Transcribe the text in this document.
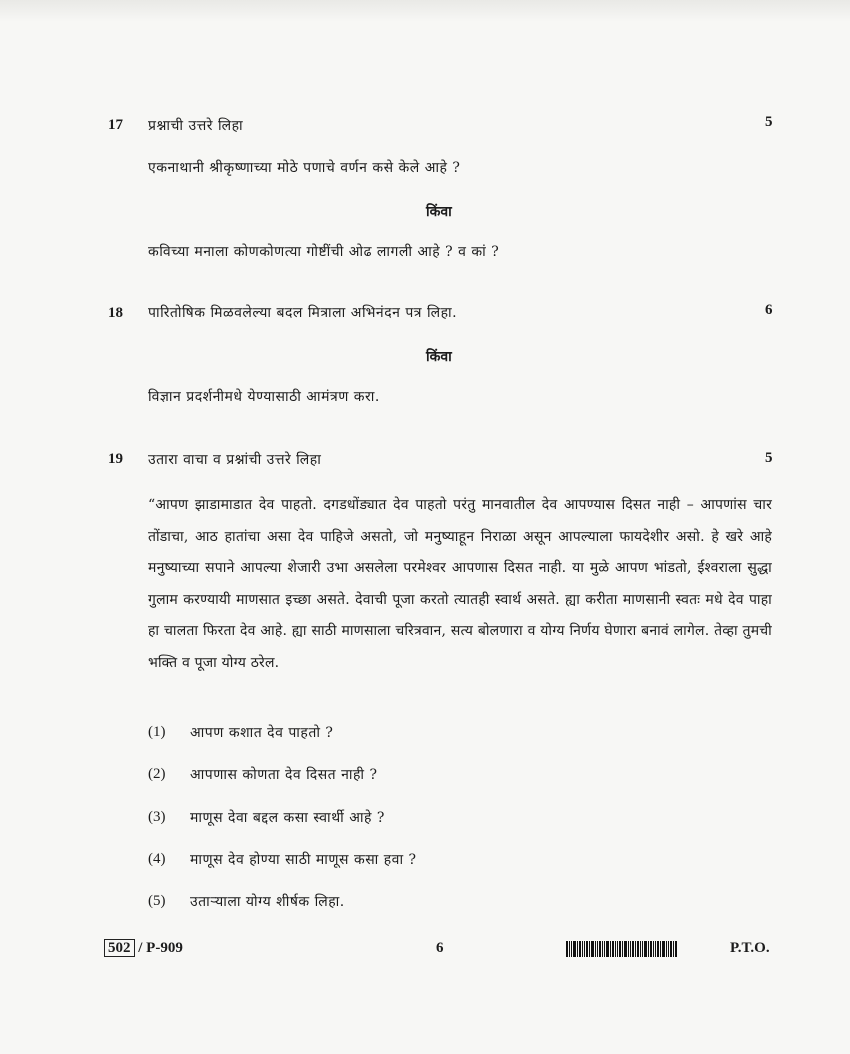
17 प्रश्नाची उत्तरे लिहा	5
एकनाथानी श्रीकृष्णाच्या मोठे पणाचे वर्णन कसे केले आहे ?
किंवा
कविच्या मनाला कोणकोणत्या गोष्टींची ओढ लागली आहे ? व कां ?
18 पारितोषिक मिळवलेल्या बदल मित्राला अभिनंदन पत्र लिहा.	6
किंवा
विज्ञान प्रदर्शनीमधे येण्यासाठी आमंत्रण करा.
19 उतारा वाचा व प्रश्नांची उत्तरे लिहा	5
“आपण झाडामाडात देव पाहतो. दगडधोंड्यात देव पाहतो परंतु मानवातील देव आपण्यास दिसत नाही – आपणांस चार तोंडाचा, आठ हातांचा असा देव पाहिजे असतो, जो मनुष्याहून निराळा असून आपल्याला फायदेशीर असो. हे खरे आहे मनुष्याच्या सपाने आपल्या शेजारी उभा असलेला परमेश्वर आपणास दिसत नाही. या मुळे आपण भांडतो, ईश्वराला सुद्धा गुलाम करण्यायी माणसात इच्छा असते. देवाची पूजा करतो त्यातही स्वार्थ असते. ह्या करीता माणसानी स्वतः मधे देव पाहा हा चालता फिरता देव आहे. ह्या साठी माणसाला चरित्रवान, सत्य बोलणारा व योग्य निर्णय घेणारा बनावं लागेल. तेव्हा तुमची भक्ति व पूजा योग्य ठरेल.
(1) आपण कशात देव पाहतो ?
(2) आपणास कोणता देव दिसत नाही ?
(3) माणूस देवा बद्दल कसा स्वार्थी आहे ?
(4) माणूस देव होण्या साठी माणूस कसा हवा ?
(5) उताऱ्याला योग्य शीर्षक लिहा.
502 / P-909	6	P.T.O.
